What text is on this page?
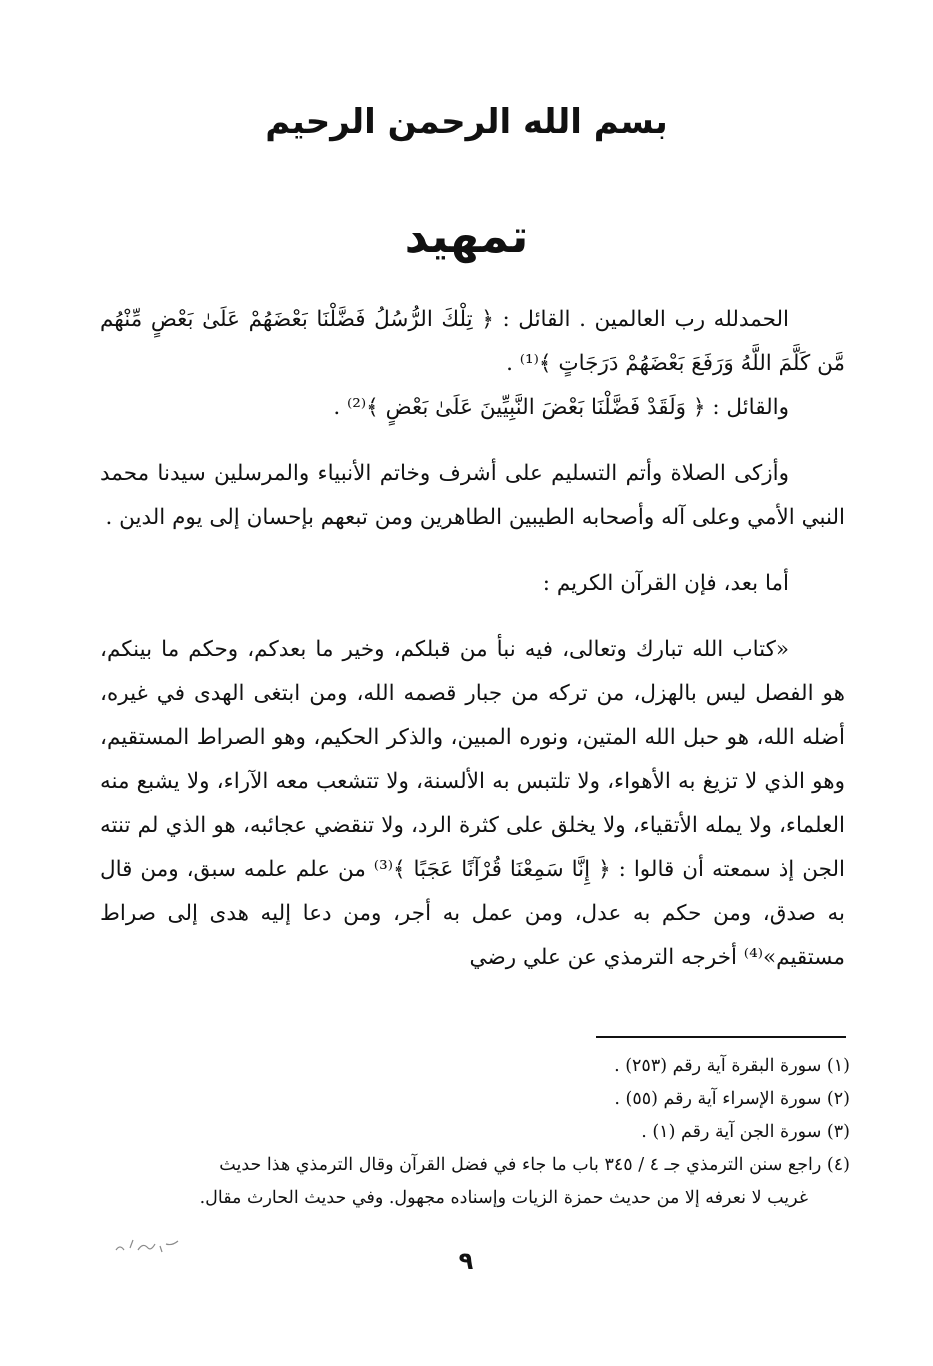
بسم الله الرحمن الرحيم
تمهيد

الحمدلله رب العالمين . القائل : ﴿ تِلْكَ الرُّسُلُ فَضَّلْنَا بَعْضَهُمْ عَلَىٰ بَعْضٍ مِّنْهُم مَّن كَلَّمَ اللَّهُ وَرَفَعَ بَعْضَهُمْ دَرَجَاتٍ ﴾⁽¹⁾ .

والقائل : ﴿ وَلَقَدْ فَضَّلْنَا بَعْضَ النَّبِيِّينَ عَلَىٰ بَعْضٍ ﴾⁽²⁾ .

وأزكى الصلاة وأتم التسليم على أشرف وخاتم الأنبياء والمرسلين سيدنا محمد النبي الأمي وعلى آله وأصحابه الطيبين الطاهرين ومن تبعهم بإحسان إلى يوم الدين .

أما بعد، فإن القرآن الكريم :

«كتاب الله تبارك وتعالى، فيه نبأ من قبلكم، وخير ما بعدكم، وحكم ما بينكم، هو الفصل ليس بالهزل، من تركه من جبار قصمه الله، ومن ابتغى الهدى في غيره، أضله الله، هو حبل الله المتين، ونوره المبين، والذكر الحكيم، وهو الصراط المستقيم، وهو الذي لا تزيغ به الأهواء، ولا تلتبس به الألسنة، ولا تتشعب معه الآراء، ولا يشبع منه العلماء، ولا يمله الأتقياء، ولا يخلق على كثرة الرد، ولا تنقضي عجائبه، هو الذي لم تنته الجن إذ سمعته أن قالوا : ﴿ إِنَّا سَمِعْنَا قُرْآنًا عَجَبًا ﴾⁽³⁾ من علم علمه سبق، ومن قال به صدق، ومن حكم به عدل، ومن عمل به أجر، ومن دعا إليه هدى إلى صراط مستقيم»⁽⁴⁾ أخرجه الترمذي عن علي رضي

(١) سورة البقرة آية رقم (٢٥٣) .

(٢) سورة الإسراء آية رقم (٥٥) .

(٣) سورة الجن آية رقم (١) .

(٤) راجع سنن الترمذي جـ ٤ / ٣٤٥ باب ما جاء في فضل القرآن وقال الترمذي هذا حديث

غريب لا نعرفه إلا من حديث حمزة الزيات وإسناده مجهول. وفي حديث الحارث مقال.

٩
